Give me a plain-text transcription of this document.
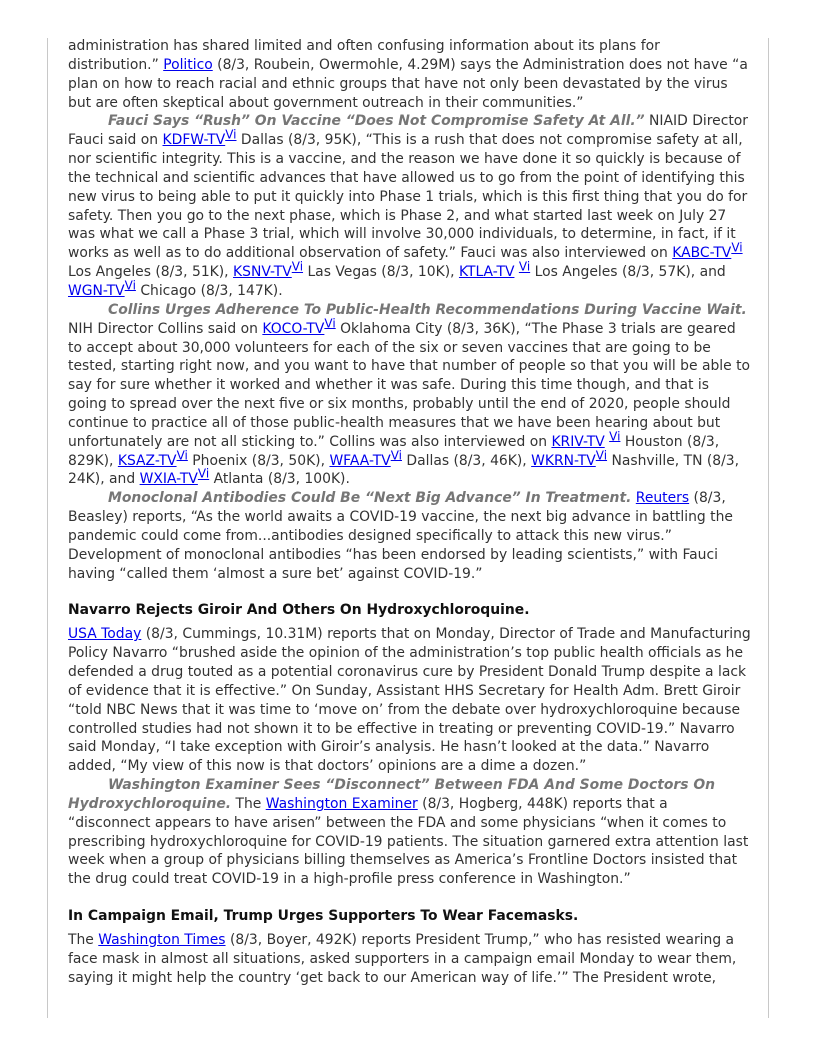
administration has shared limited and often confusing information about its plans for distribution.” Politico (8/3, Roubein, Owermohle, 4.29M) says the Administration does not have “a plan on how to reach racial and ethnic groups that have not only been devastated by the virus but are often skeptical about government outreach in their communities.”

Fauci Says “Rush” On Vaccine “Does Not Compromise Safety At All.” NIAID Director Fauci said on KDFW-TVVi Dallas (8/3, 95K), “This is a rush that does not compromise safety at all, nor scientific integrity. This is a vaccine, and the reason we have done it so quickly is because of the technical and scientific advances that have allowed us to go from the point of identifying this new virus to being able to put it quickly into Phase 1 trials, which is this first thing that you do for safety. Then you go to the next phase, which is Phase 2, and what started last week on July 27 was what we call a Phase 3 trial, which will involve 30,000 individuals, to determine, in fact, if it works as well as to do additional observation of safety.” Fauci was also interviewed on KABC-TVVi Los Angeles (8/3, 51K), KSNV-TVVi Las Vegas (8/3, 10K), KTLA-TV Vi Los Angeles (8/3, 57K), and WGN-TVVi Chicago (8/3, 147K).

Collins Urges Adherence To Public-Health Recommendations During Vaccine Wait. NIH Director Collins said on KOCO-TVVi Oklahoma City (8/3, 36K), “The Phase 3 trials are geared to accept about 30,000 volunteers for each of the six or seven vaccines that are going to be tested, starting right now, and you want to have that number of people so that you will be able to say for sure whether it worked and whether it was safe. During this time though, and that is going to spread over the next five or six months, probably until the end of 2020, people should continue to practice all of those public-health measures that we have been hearing about but unfortunately are not all sticking to.” Collins was also interviewed on KRIV-TV Vi Houston (8/3, 829K), KSAZ-TVVi Phoenix (8/3, 50K), WFAA-TVVi Dallas (8/3, 46K), WKRN-TVVi Nashville, TN (8/3, 24K), and WXIA-TVVi Atlanta (8/3, 100K).

Monoclonal Antibodies Could Be “Next Big Advance” In Treatment. Reuters (8/3, Beasley) reports, “As the world awaits a COVID-19 vaccine, the next big advance in battling the pandemic could come from...antibodies designed specifically to attack this new virus.” Development of monoclonal antibodies “has been endorsed by leading scientists,” with Fauci having “called them ‘almost a sure bet’ against COVID-19.”

Navarro Rejects Giroir And Others On Hydroxychloroquine.

USA Today (8/3, Cummings, 10.31M) reports that on Monday, Director of Trade and Manufacturing Policy Navarro “brushed aside the opinion of the administration’s top public health officials as he defended a drug touted as a potential coronavirus cure by President Donald Trump despite a lack of evidence that it is effective.” On Sunday, Assistant HHS Secretary for Health Adm. Brett Giroir “told NBC News that it was time to ‘move on’ from the debate over hydroxychloroquine because controlled studies had not shown it to be effective in treating or preventing COVID-19.” Navarro said Monday, “I take exception with Giroir’s analysis. He hasn’t looked at the data.” Navarro added, “My view of this now is that doctors’ opinions are a dime a dozen.”

Washington Examiner Sees “Disconnect” Between FDA And Some Doctors On Hydroxychloroquine. The Washington Examiner (8/3, Hogberg, 448K) reports that a “disconnect appears to have arisen” between the FDA and some physicians “when it comes to prescribing hydroxychloroquine for COVID-19 patients. The situation garnered extra attention last week when a group of physicians billing themselves as America’s Frontline Doctors insisted that the drug could treat COVID-19 in a high-profile press conference in Washington.”

In Campaign Email, Trump Urges Supporters To Wear Facemasks.

The Washington Times (8/3, Boyer, 492K) reports President Trump,” who has resisted wearing a face mask in almost all situations, asked supporters in a campaign email Monday to wear them, saying it might help the country ‘get back to our American way of life.’” The President wrote,
